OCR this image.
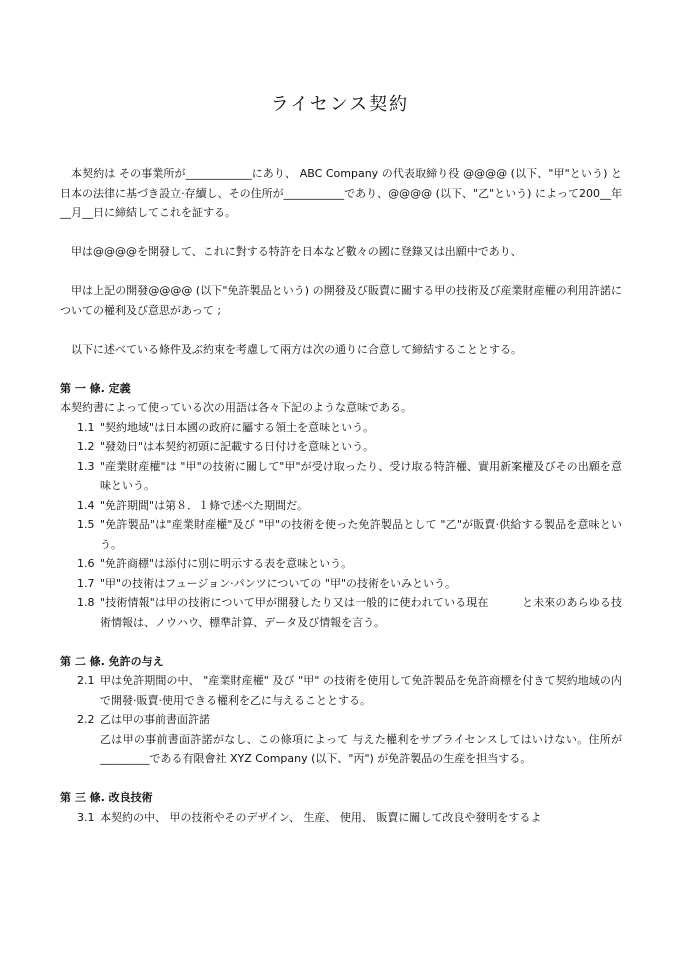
ライセンス契約

本契約は その事業所が____________にあり、 ABC Company の代表取締り役 @@@@ (以下、"甲"という) と日本の法律に基づき設立·存續し、その住所が___________であり、@@@@ (以下、"乙"という) によって200__年 __月__日に締結してこれを証する。

甲は@@@@を開發して、これに對する特許を日本など數々の國に登錄又は出願中であり、

甲は上記の開發@@@@ (以下"免許製品という) の開發及び販賣に關する甲の技術及び産業財産權の利用許諾についての權利及び意思があって ;

以下に述べている條件及ぶ約束を考慮して兩方は次の通りに合意して締結することとする。

第 一 條. 定義

本契約書によって使っている次の用語は各々下記のような意味である。

1.1 "契約地域"は日本國の政府に屬する領土を意味という。
1.2 "發効日"は本契約初頭に記載する日付けを意味という。
1.3 "産業財産權"は "甲"の技術に關して"甲"が受け取ったり、受け取る特許權、實用新案權及びその出願を意味という。
1.4 "免許期間"は第８．１條で述べた期間だ。
1.5 "免許製品"は"産業財産權"及び "甲"の技術を使った免許製品として "乙"が販賣·供給する製品を意味という。
1.6 "免許商標"は添付に別に明示する表を意味という。
1.7 "甲"の技術はフュージョン·パンツについての "甲"の技術をいみという。
1.8 "技術情報"は甲の技術について甲が開發したり又は一般的に使われている現在　　　と未來のあらゆる技術情報は、ノウハウ、標準計算、データ及び情報を言う。

第 二 條. 免許の与え

2.1 甲は免許期間の中、 "産業財産權" 及び "甲" の技術を使用して免許製品を免許商標を付きて契約地域の内で開發·販賣·使用できる權利を乙に与えることとする。
2.2 乙は甲の事前書面許諾
乙は甲の事前書面許諾がなし、この條項によって 与えた權利をサブライセンスしてはいけない。住所が_________である有限會社 XYZ Company (以下、"丙") が免許製品の生産を担当する。

第 三 條. 改良技術

3.1 本契約の中、 甲の技術やそのデザイン、 生産、 使用、 販賣に關して改良や發明をするよ
